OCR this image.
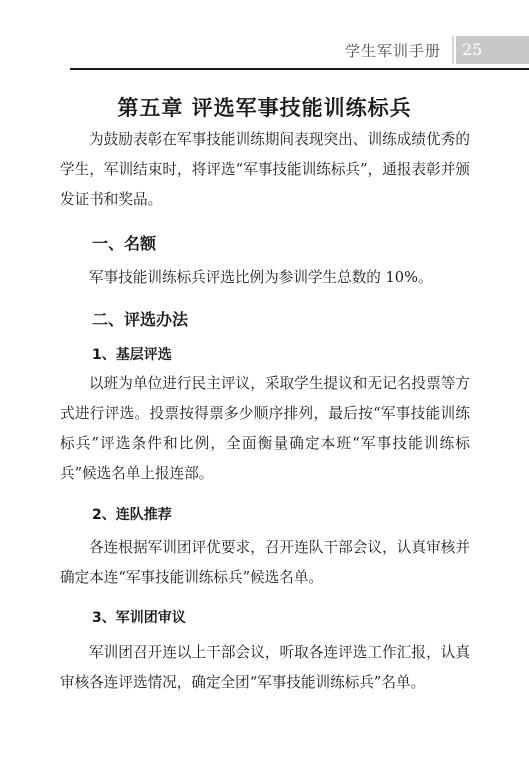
学生军训手册	25
第五章 评选军事技能训练标兵
为鼓励表彰在军事技能训练期间表现突出、训练成绩优秀的学生，军训结束时，将评选“军事技能训练标兵”，通报表彰并颁发证书和奖品。
一、名额
军事技能训练标兵评选比例为参训学生总数的 10%。
二、评选办法
1、基层评选
以班为单位进行民主评议，采取学生提议和无记名投票等方式进行评选。投票按得票多少顺序排列，最后按“军事技能训练标兵”评选条件和比例，全面衡量确定本班“军事技能训练标兵”候选名单上报连部。
2、连队推荐
各连根据军训团评优要求，召开连队干部会议，认真审核并确定本连“军事技能训练标兵”候选名单。
3、军训团审议
军训团召开连以上干部会议，听取各连评选工作汇报，认真审核各连评选情况，确定全团“军事技能训练标兵”名单。
